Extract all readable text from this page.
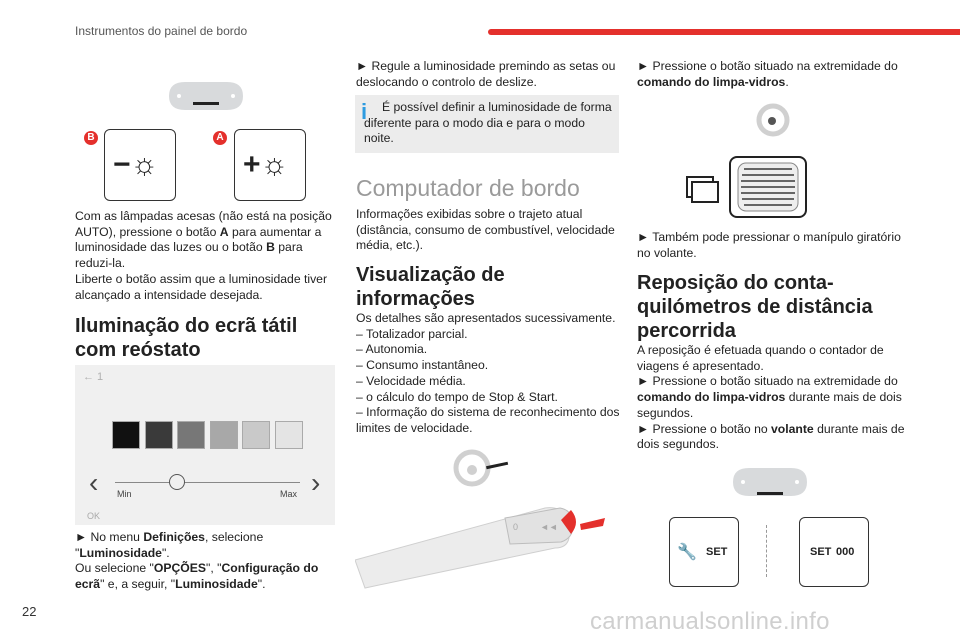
Instrumentos do painel de bordo
B
−☼
A
+☼

Com as lâmpadas acesas (não está na posição AUTO), pressione o botão A para aumentar a luminosidade das luzes ou o botão B para reduzi-la.

Liberte o botão assim que a luminosidade tiver alcançado a intensidade desejada.

Iluminação do ecrã tátil com reóstato
← 1
‹	›
Min	Max
OK

► No menu Definições, selecione "Luminosidade".

Ou selecione "OPÇÕES", "Configuração do ecrã" e, a seguir, "Luminosidade".

► Regule a luminosidade premindo as setas ou deslocando o controlo de deslize.
i	É possível definir a luminosidade de forma diferente para o modo dia e para o modo noite.
Computador de bordo
Informações exibidas sobre o trajeto atual (distância, consumo de combustível, velocidade média, etc.).
Visualização de informações

Os detalhes são apresentados sucessivamente.

– Totalizador parcial.

– Autonomia.

– Consumo instantâneo.

– Velocidade média.

– o cálculo do tempo de Stop & Start.

– Informação do sistema de reconhecimento dos limites de velocidade.

0 ◄◄

► Pressione o botão situado na extremidade do comando do limpa-vidros.

► Também pode pressionar o manípulo giratório no volante.
Reposição do conta-quilómetros de distância percorrida

A reposição é efetuada quando o contador de viagens é apresentado.

► Pressione o botão situado na extremidade do comando do limpa-vidros durante mais de dois segundos.

► Pressione o botão no volante durante mais de dois segundos.

🔧 SET	SET 000
22	carmanualsonline.info
